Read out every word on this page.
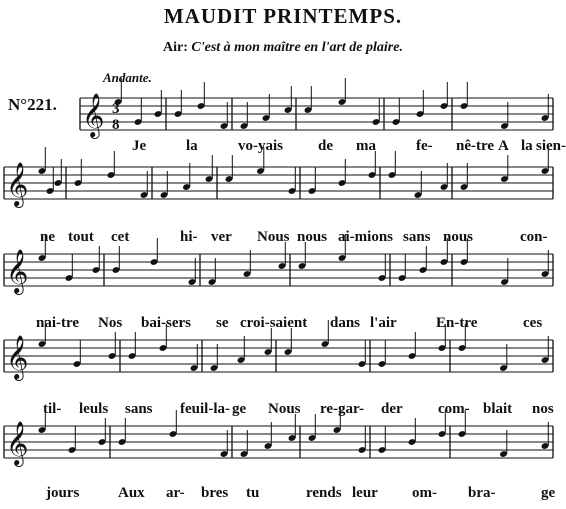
MAUDIT PRINTEMPS.
Air: C'est à mon maître en l'art de plaire.
Andante.
N°221. 𝄞
𝄞
𝄞
𝄞
𝄞
3
8
Je	la	vo-yais de ma	fe- nê-tre A la sien-
ne tout cet	hi- ver Nous nous ai-mions sans nous	con-
nai-tre Nos bai-sers se croi-saient dans l'air	En-tre	ces
til- leuls sans feuil-la- ge Nous re-gar- der com- blait nos
jours	Aux ar- bres tu	rends leur om- bra-	ge
